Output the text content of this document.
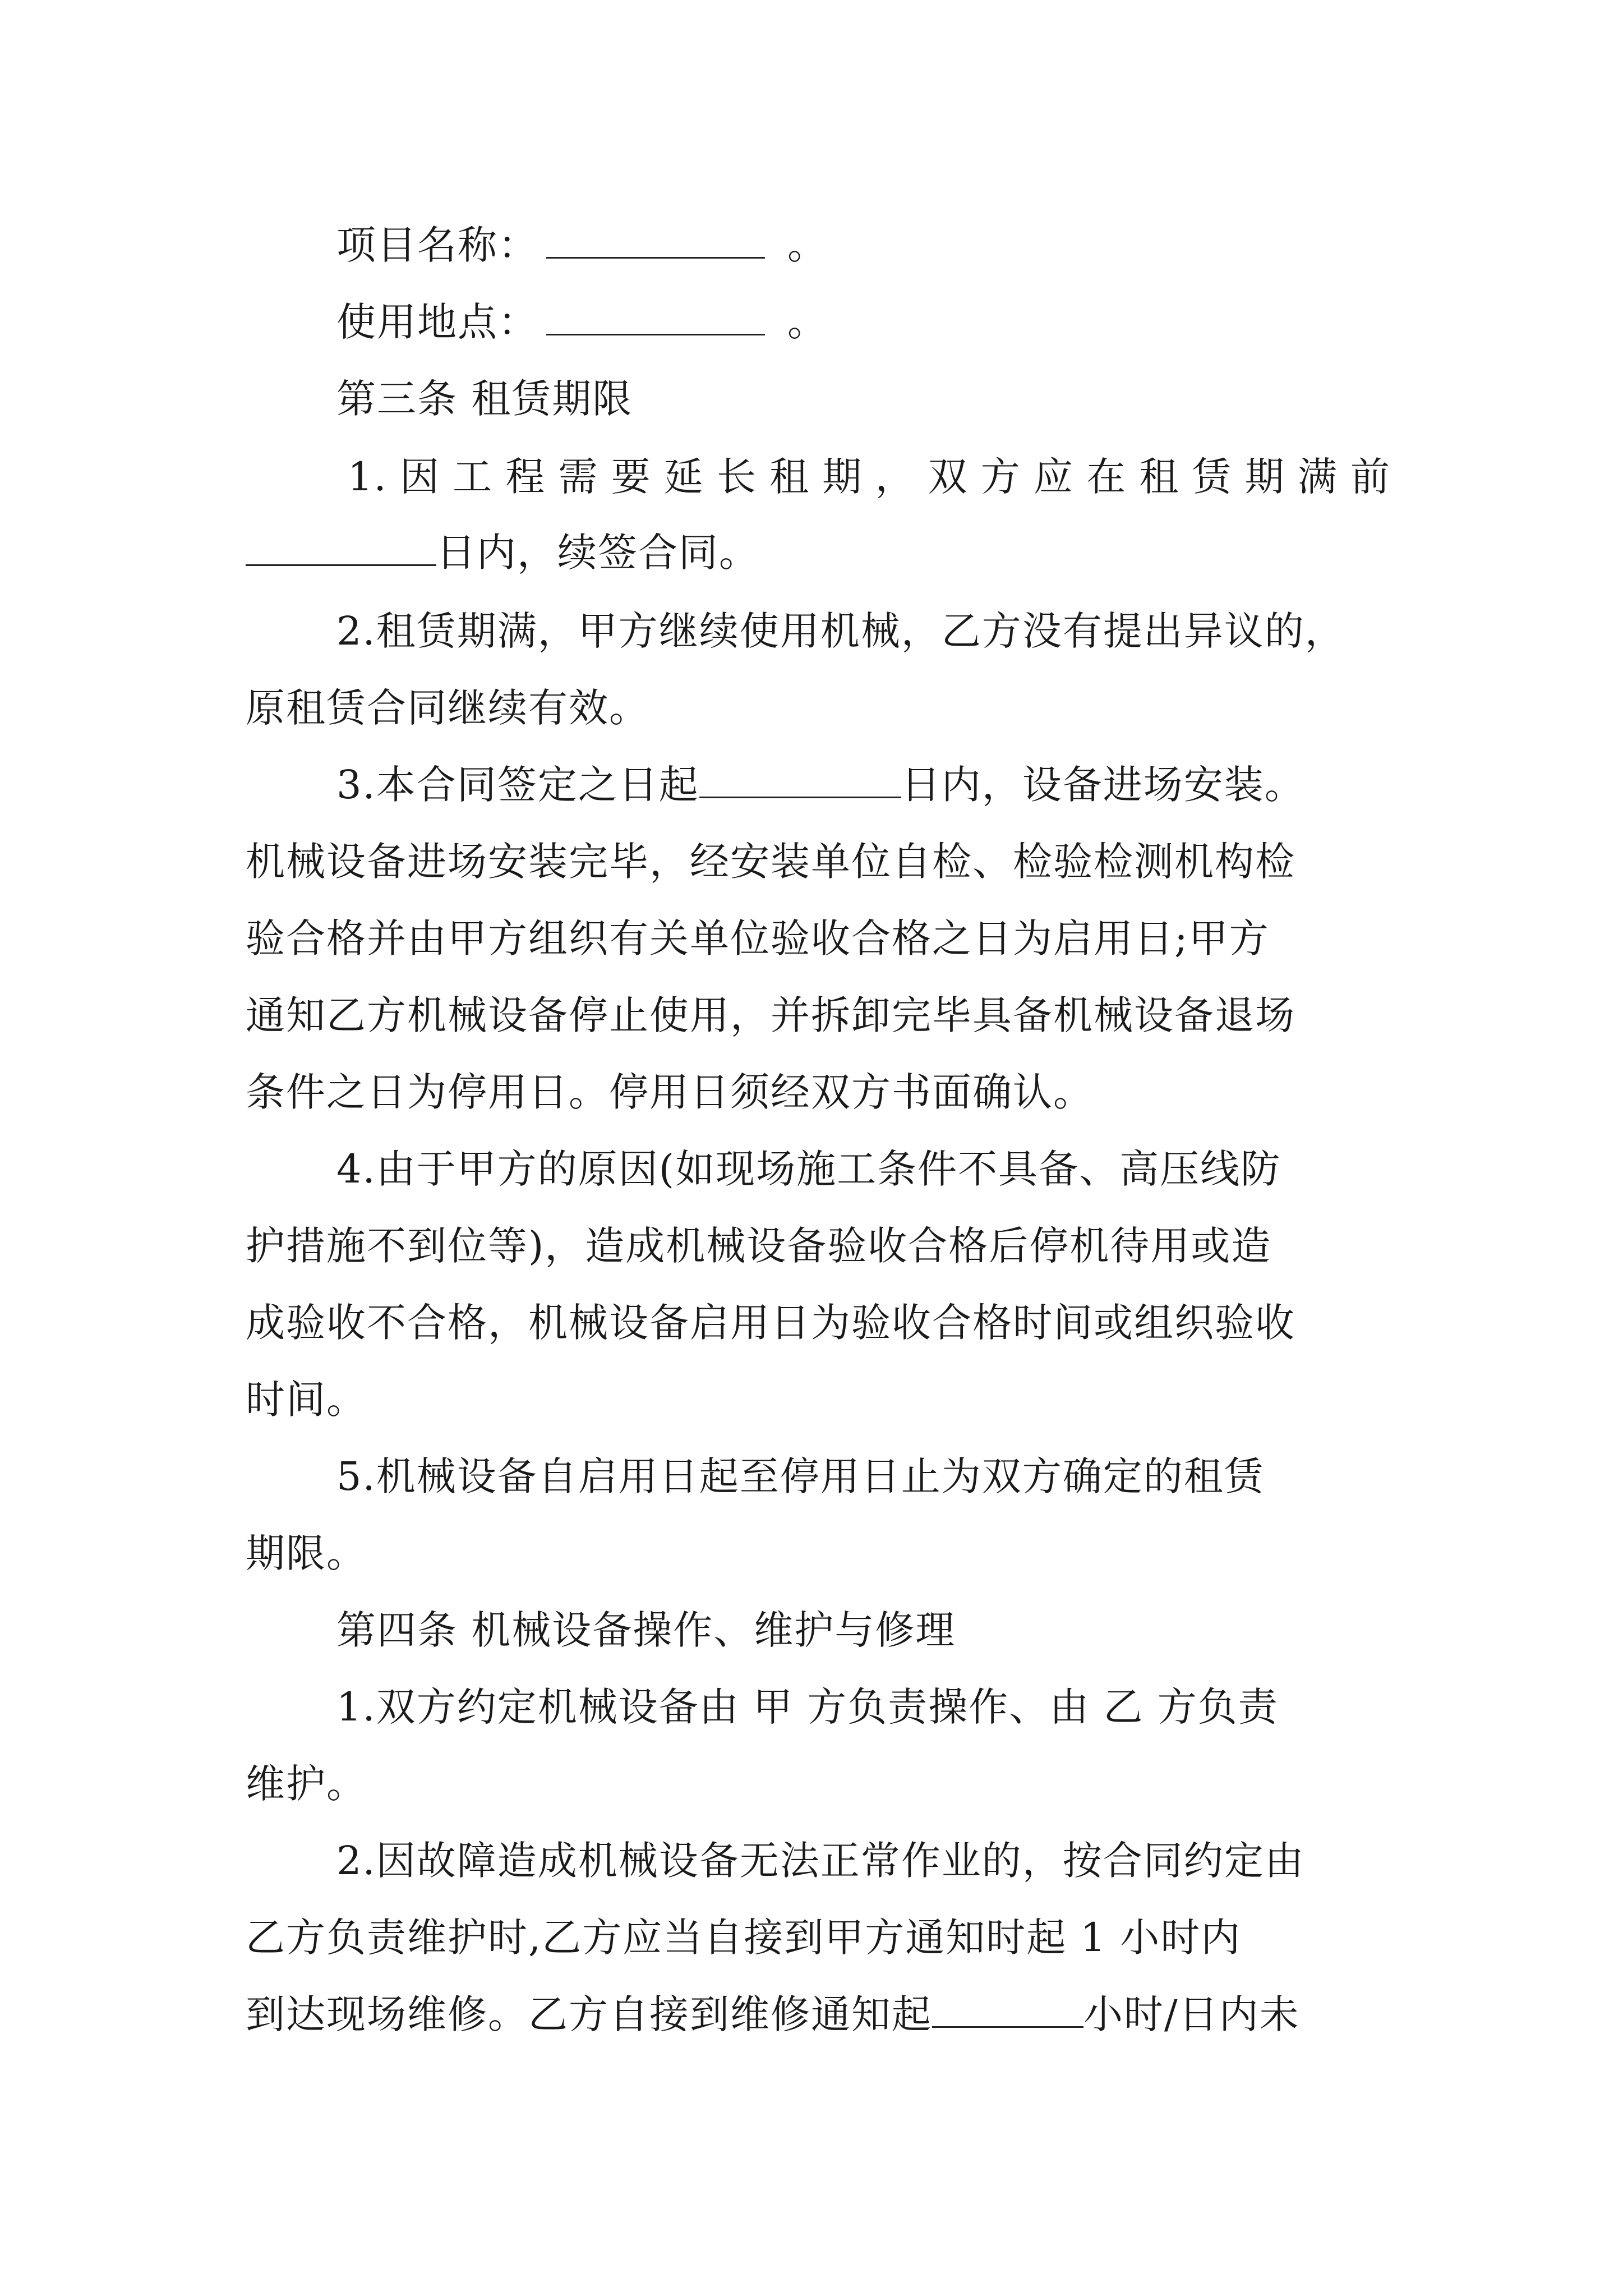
项目名称：	。
使用地点：	。
第三条 租赁期限
1.因工程需要延长租期，双方应在租赁期满前
日内，续签合同。
2.租赁期满，甲方继续使用机械，乙方没有提出异议的，
原租赁合同继续有效。
3.本合同签定之日起	日内，设备进场安装。
机械设备进场安装完毕，经安装单位自检、检验检测机构检
验合格并由甲方组织有关单位验收合格之日为启用日;甲方
通知乙方机械设备停止使用，并拆卸完毕具备机械设备退场
条件之日为停用日。停用日须经双方书面确认。
4.由于甲方的原因(如现场施工条件不具备、高压线防
护措施不到位等)，造成机械设备验收合格后停机待用或造
成验收不合格，机械设备启用日为验收合格时间或组织验收
时间。
5.机械设备自启用日起至停用日止为双方确定的租赁
期限。
第四条 机械设备操作、维护与修理
1.双方约定机械设备由 甲 方负责操作、由 乙 方负责
维护。
2.因故障造成机械设备无法正常作业的，按合同约定由
乙方负责维护时,乙方应当自接到甲方通知时起 1 小时内
到达现场维修。乙方自接到维修通知起	小时/日内未
